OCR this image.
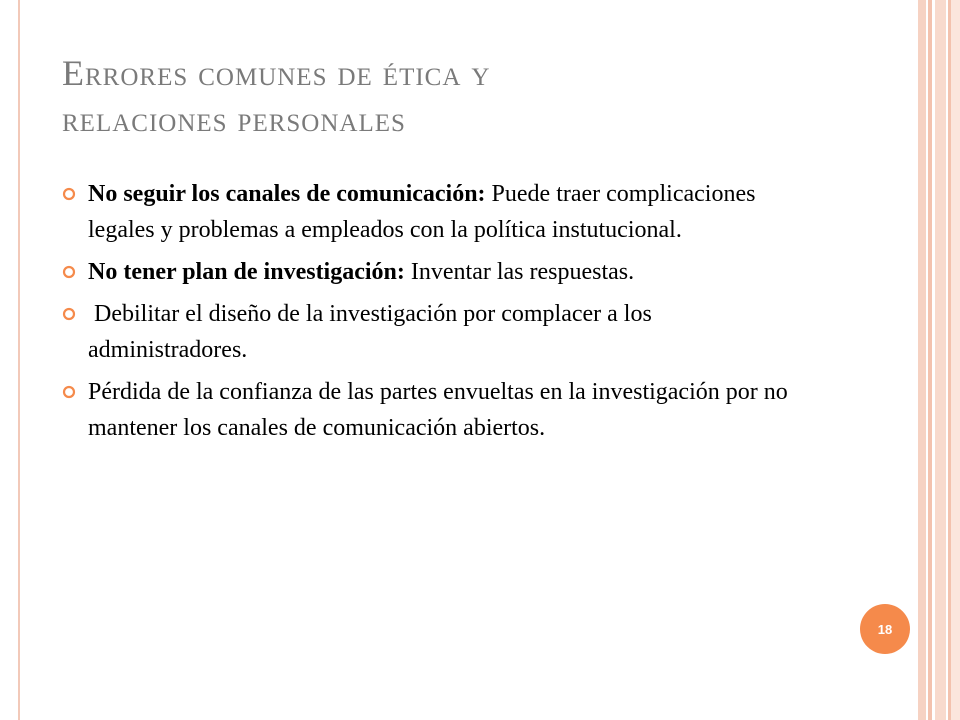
Errores comunes de ética y
relaciones personales
No seguir los canales de comunicación: Puede traer complicaciones legales y problemas a empleados con la política instutucional.
No tener plan de investigación: Inventar las respuestas.
Debilitar el diseño de la investigación por complacer a los administradores.
Pérdida de la confianza de las partes envueltas en la investigación por no mantener los canales de comunicación abiertos.
18
